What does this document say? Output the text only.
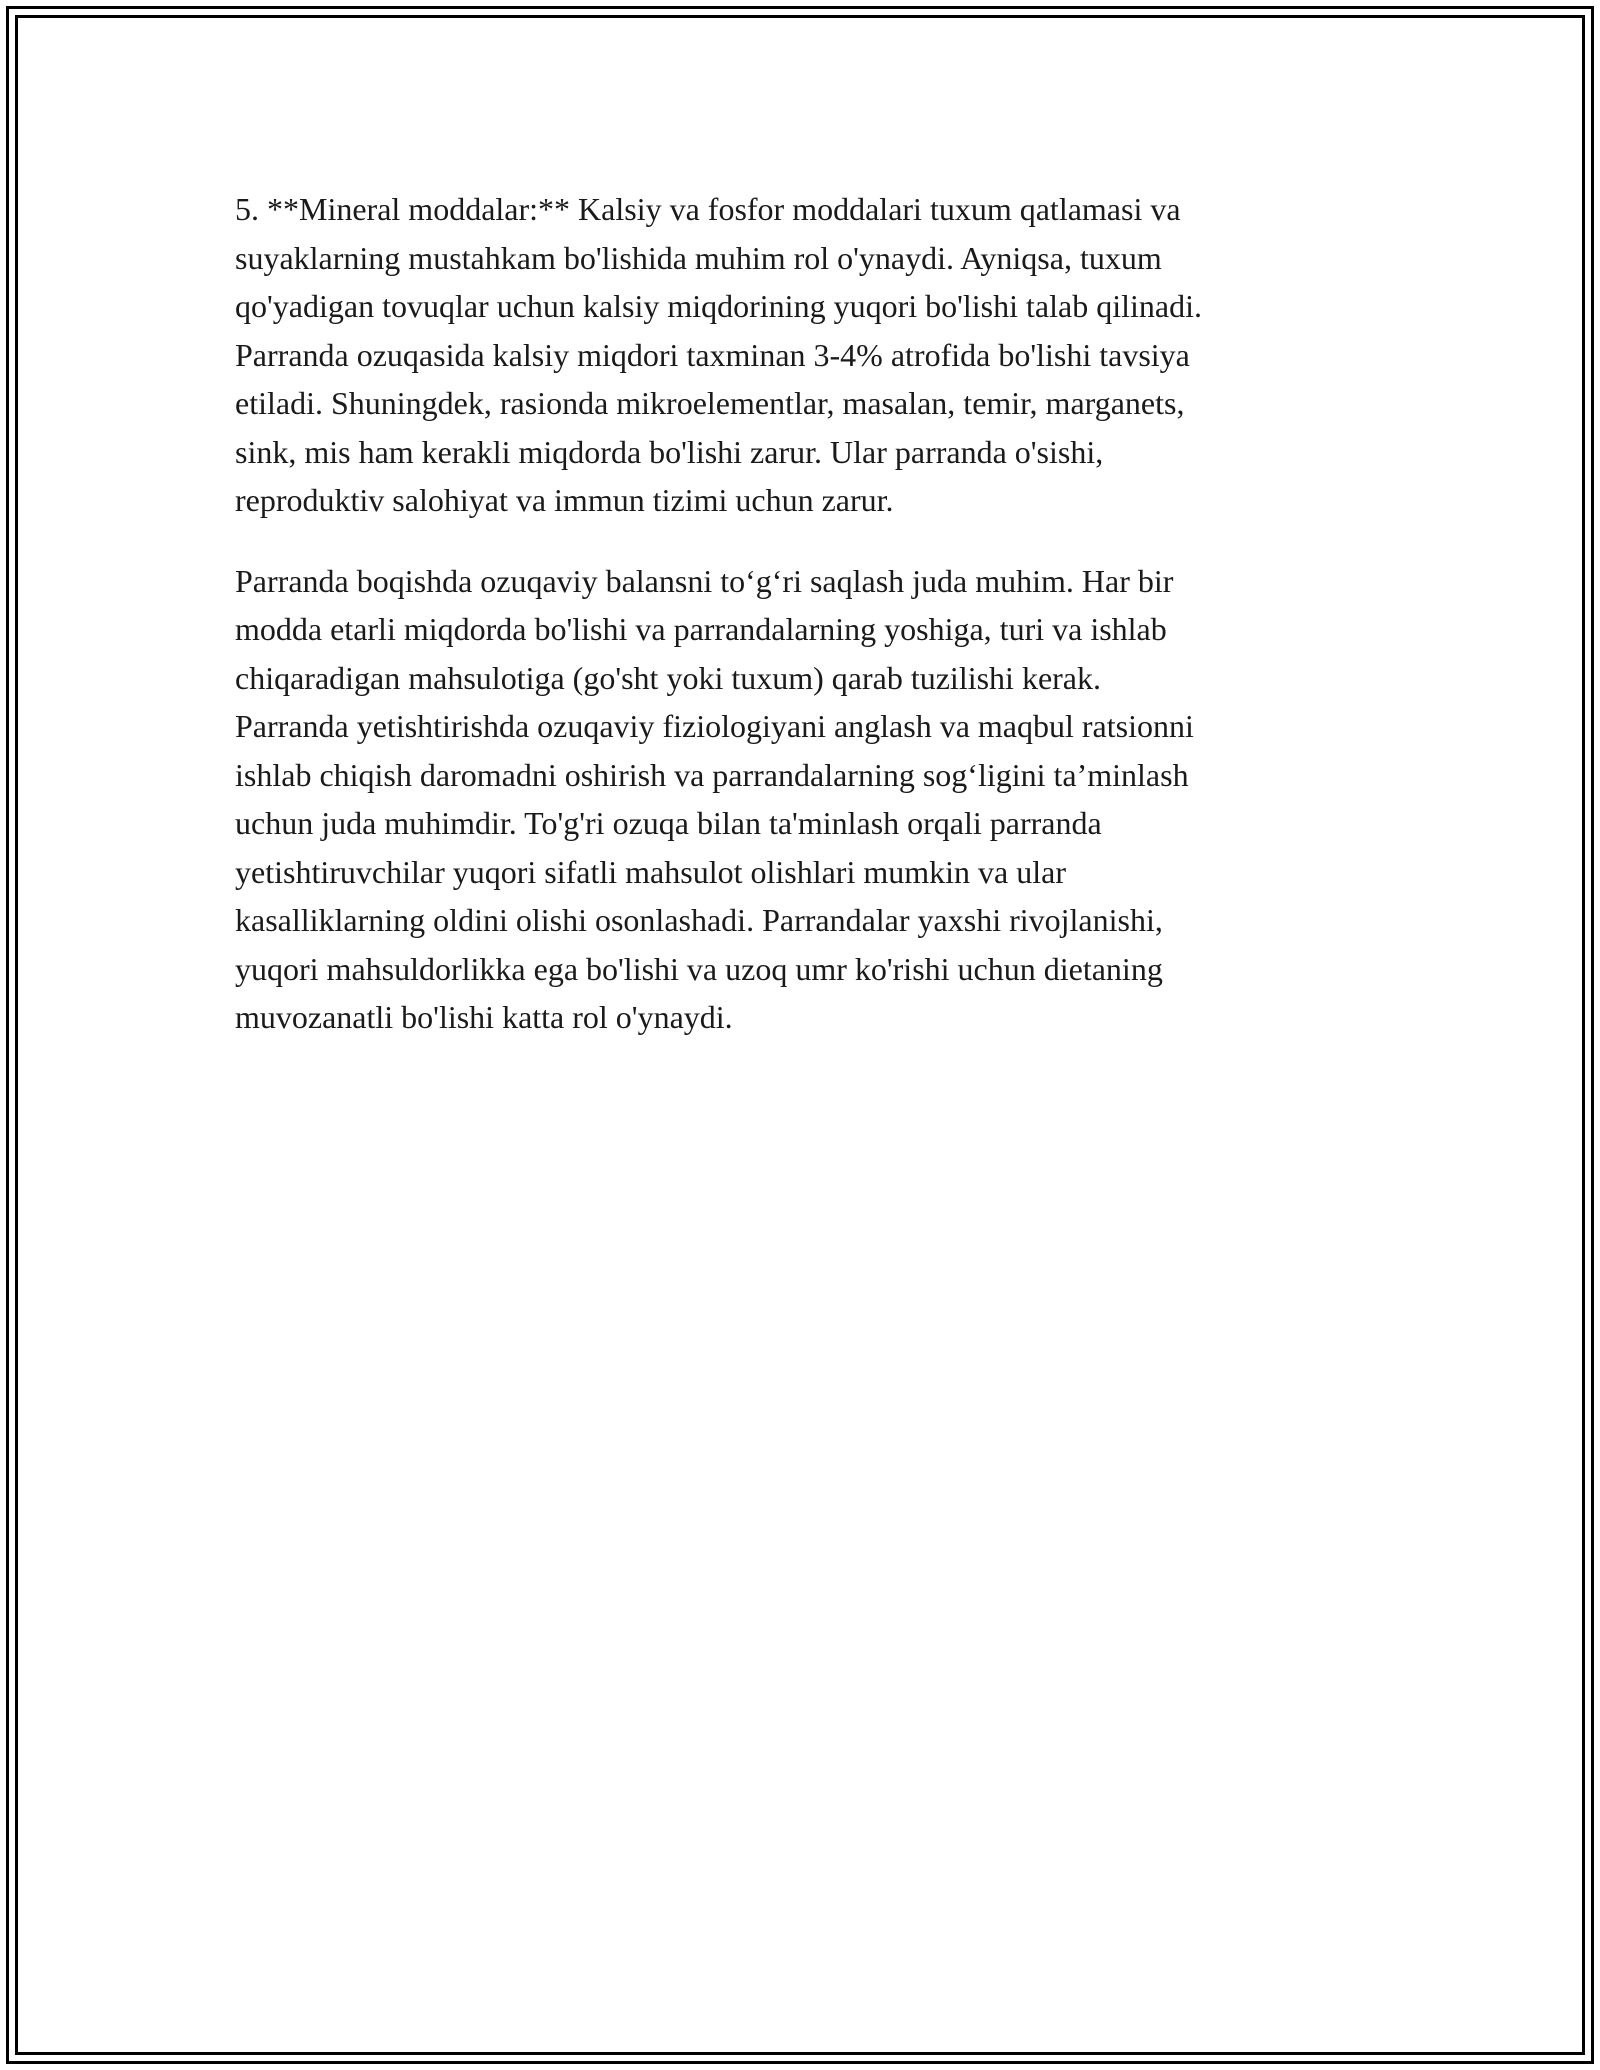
5. **Mineral moddalar:** Kalsiy va fosfor moddalari tuxum qatlamasi va
suyaklarning mustahkam bo'lishida muhim rol o'ynaydi. Ayniqsa, tuxum
qo'yadigan tovuqlar uchun kalsiy miqdorining yuqori bo'lishi talab qilinadi.
Parranda ozuqasida kalsiy miqdori taxminan 3-4% atrofida bo'lishi tavsiya
etiladi. Shuningdek, rasionda mikroelementlar, masalan, temir, marganets,
sink, mis ham kerakli miqdorda bo'lishi zarur. Ular parranda o'sishi,
reproduktiv salohiyat va immun tizimi uchun zarur.

Parranda boqishda ozuqaviy balansni to‘g‘ri saqlash juda muhim. Har bir
modda etarli miqdorda bo'lishi va parrandalarning yoshiga, turi va ishlab
chiqaradigan mahsulotiga (go'sht yoki tuxum) qarab tuzilishi kerak.
Parranda yetishtirishda ozuqaviy fiziologiyani anglash va maqbul ratsionni
ishlab chiqish daromadni oshirish va parrandalarning sog‘ligini ta’minlash
uchun juda muhimdir. To'g'ri ozuqa bilan ta'minlash orqali parranda
yetishtiruvchilar yuqori sifatli mahsulot olishlari mumkin va ular
kasalliklarning oldini olishi osonlashadi. Parrandalar yaxshi rivojlanishi,
yuqori mahsuldorlikka ega bo'lishi va uzoq umr ko'rishi uchun dietaning
muvozanatli bo'lishi katta rol o'ynaydi.
